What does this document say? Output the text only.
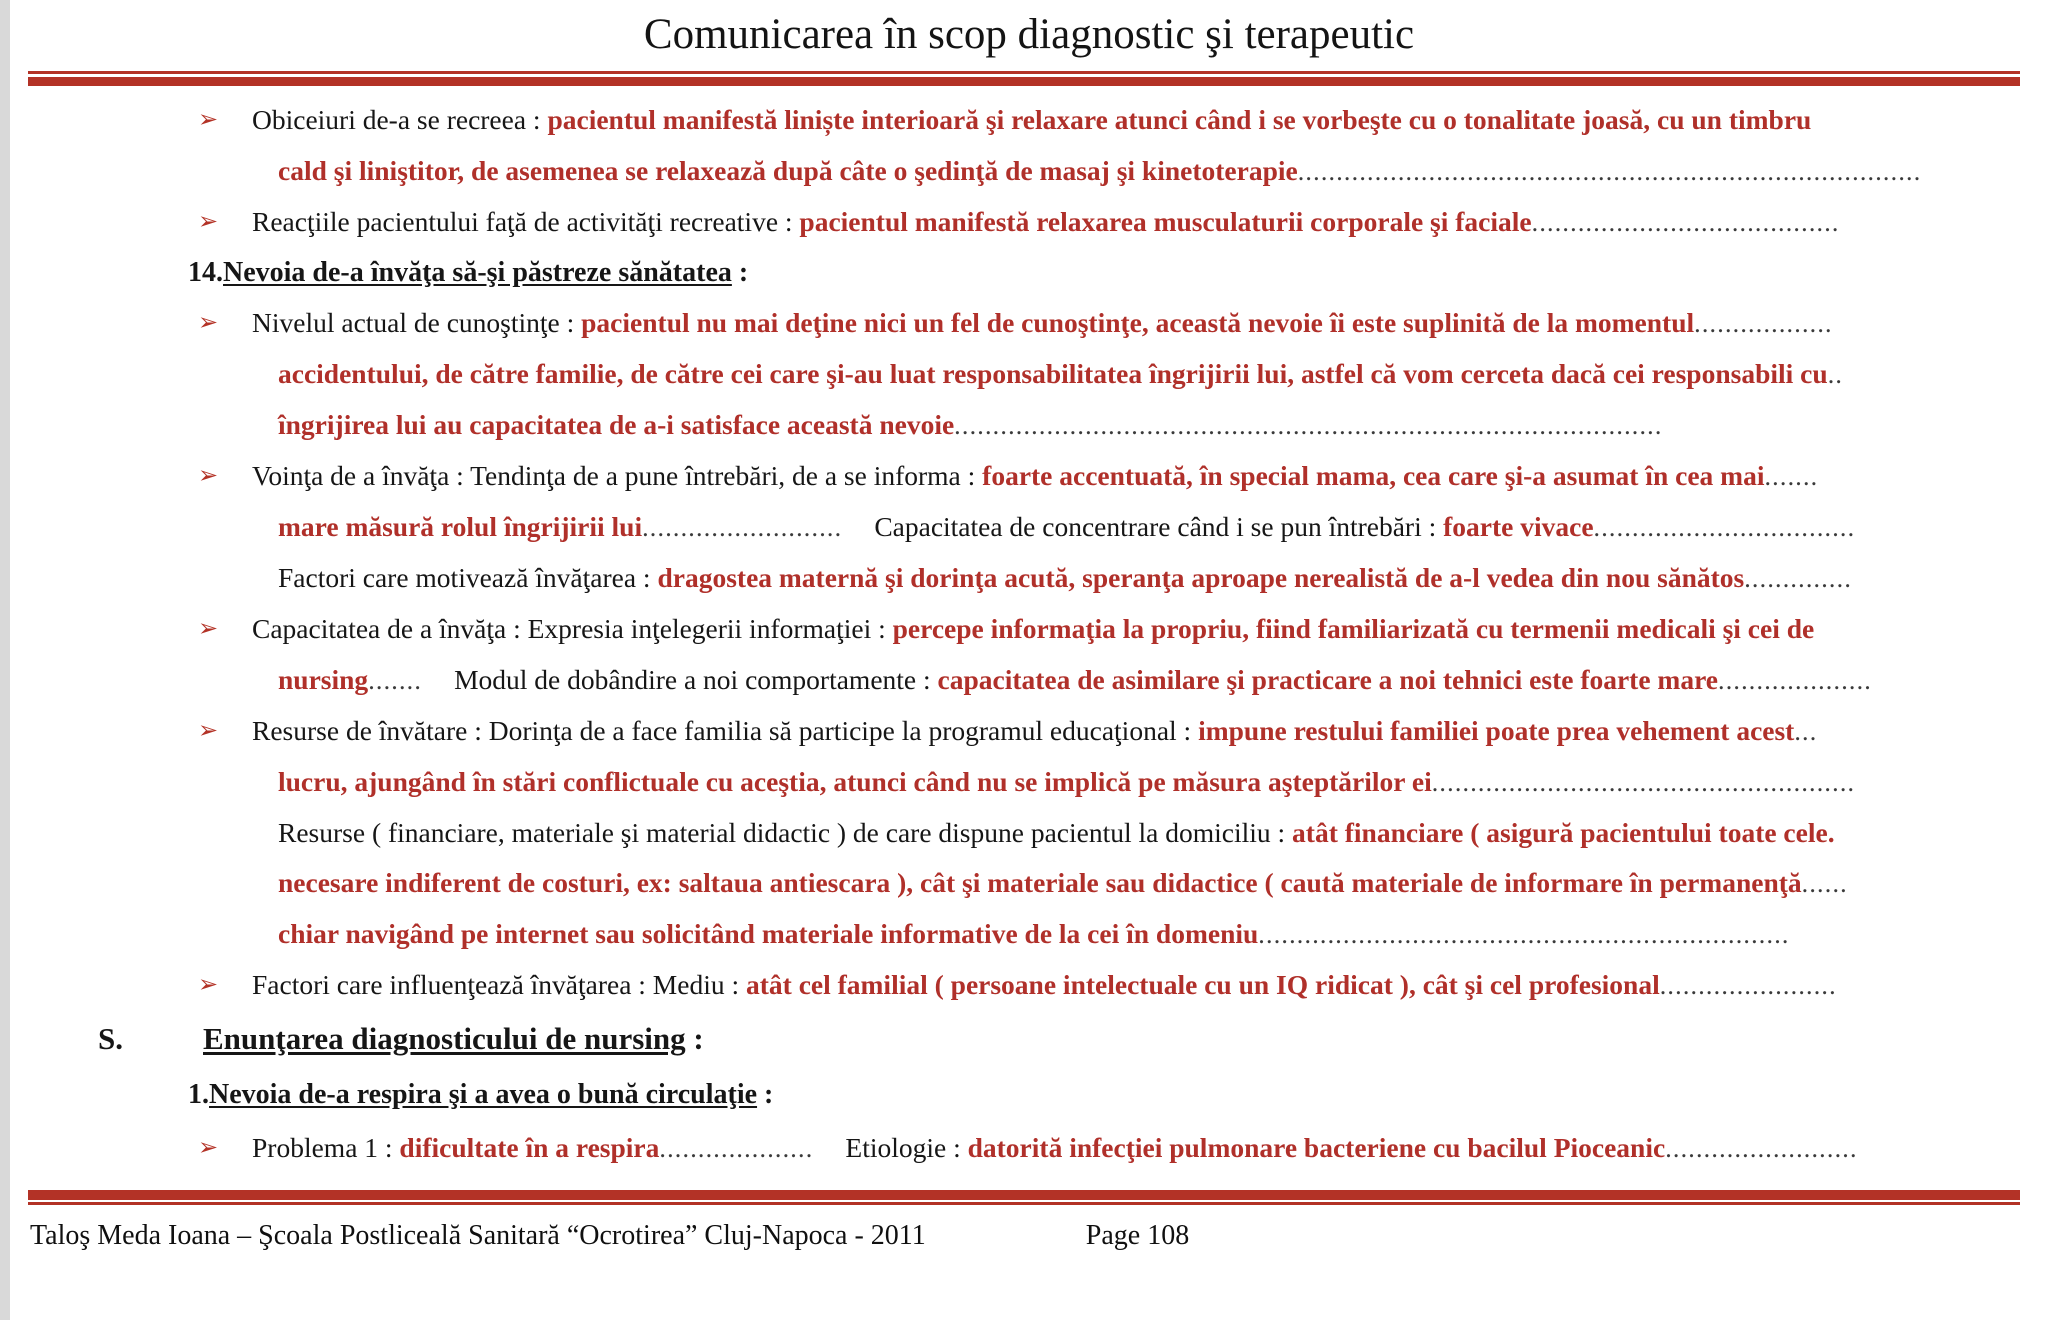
Comunicarea în scop diagnostic şi terapeutic
➢ Obiceiuri de-a se recreea : pacientul manifestă liniște interioară şi relaxare atunci când i se vorbeşte cu o tonalitate joasă, cu un timbru
cald şi liniştitor, de asemenea se relaxează după câte o şedinţă de masaj şi kinetoterapie.................................................................................
➢ Reacţiile pacientului faţă de activităţi recreative : pacientul manifestă relaxarea musculaturii corporale şi faciale........................................
14.Nevoia de-a învăţa să-şi păstreze sănătatea :
➢ Nivelul actual de cunoştinţe : pacientul nu mai deţine nici un fel de cunoştinţe, această nevoie îi este suplinită de la momentul..................
accidentului, de către familie, de către cei care şi-au luat responsabilitatea îngrijirii lui, astfel că vom cerceta dacă cei responsabili cu..
îngrijirea lui au capacitatea de a-i satisface această nevoie............................................................................................
➢ Voinţa de a învăţa : Tendinţa de a pune întrebări, de a se informa : foarte accentuată, în special mama, cea care şi-a asumat în cea mai.......
mare măsură rolul îngrijirii lui.......................... Capacitatea de concentrare când i se pun întrebări : foarte vivace..................................
Factori care motivează învăţarea : dragostea maternă şi dorinţa acută, speranţa aproape nerealistă de a-l vedea din nou sănătos..............
➢ Capacitatea de a învăţa : Expresia inţelegerii informaţiei : percepe informaţia la propriu, fiind familiarizată cu termenii medicali şi cei de
nursing....... Modul de dobândire a noi comportamente : capacitatea de asimilare şi practicare a noi tehnici este foarte mare....................
➢ Resurse de învătare : Dorinţa de a face familia să participe la programul educaţional : impune restului familiei poate prea vehement acest...
lucru, ajungând în stări conflictuale cu aceştia, atunci când nu se implică pe măsura aşteptărilor ei.......................................................
Resurse ( financiare, materiale şi material didactic ) de care dispune pacientul la domiciliu : atât financiare ( asigură pacientului toate cele.
necesare indiferent de costuri, ex: saltaua antiescara ), cât şi materiale sau didactice ( caută materiale de informare în permanenţă......
chiar navigând pe internet sau solicitând materiale informative de la cei în domeniu.....................................................................
➢ Factori care influenţează învăţarea : Mediu : atât cel familial ( persoane intelectuale cu un IQ ridicat ), cât şi cel profesional.......................
S.	Enunţarea diagnosticului de nursing :
1.Nevoia de-a respira şi a avea o bună circulaţie :
➢ Problema 1 : dificultate în a respira.................... Etiologie : datorită infecţiei pulmonare bacteriene cu bacilul Pioceanic.........................
Taloş Meda Ioana – Şcoala Postliceală Sanitară “Ocrotirea” Cluj-Napoca - 2011	Page 108
